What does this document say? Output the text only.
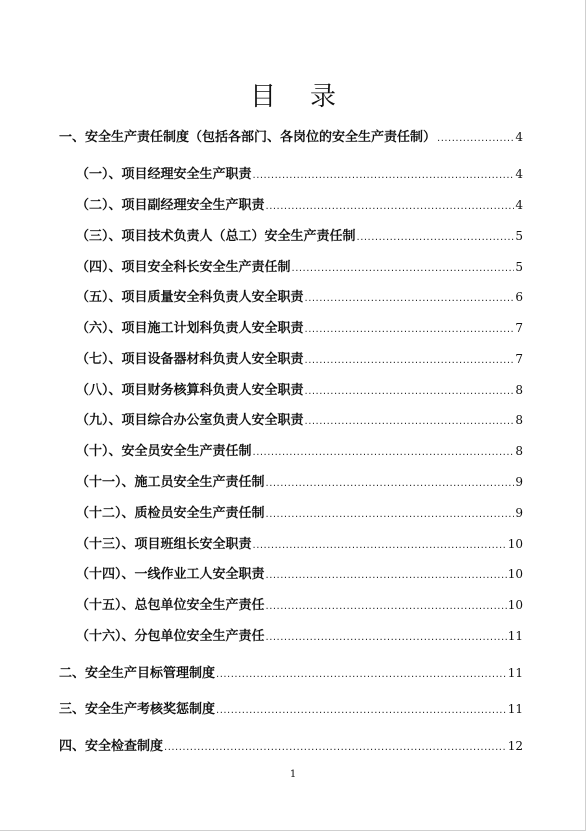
目 录
一、安全生产责任制度（包括各部门、各岗位的安全生产责任制） .....	4
（一）、项目经理安全生产职责 .....	4
（二）、项目副经理安全生产职责 .....	4
（三）、项目技术负责人（总工）安全生产责任制 .....	5
（四）、项目安全科长安全生产责任制 .....	5
（五）、项目质量安全科负责人安全职责 .....	6
（六）、项目施工计划科负责人安全职责 .....	7
（七）、项目设备器材科负责人安全职责 .....	7
（八）、项目财务核算科负责人安全职责 .....	8
（九）、项目综合办公室负责人安全职责 .....	8
（十）、安全员安全生产责任制 .....	8
（十一）、施工员安全生产责任制 .....	9
（十二）、质检员安全生产责任制 .....	9
（十三）、项目班组长安全职责 .....	10
（十四）、一线作业工人安全职责 .....	10
（十五）、总包单位安全生产责任 .....	10
（十六）、分包单位安全生产责任 .....	11
二、安全生产目标管理制度 .....	11
三、安全生产考核奖惩制度 .....	11
四、安全检查制度 .....	12
1
